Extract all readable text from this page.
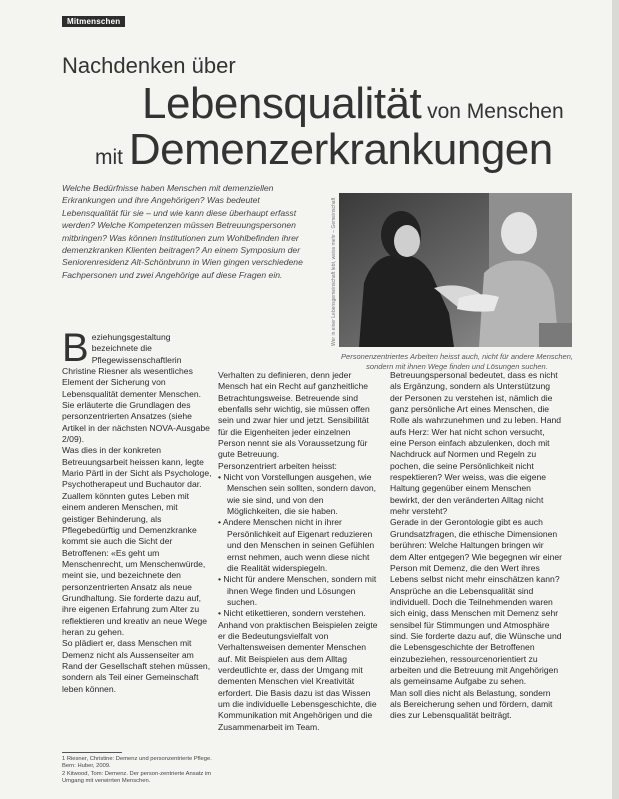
Mitmenschen
Nachdenken über
Lebensqualität von Menschen
mit Demenzerkrankungen
Welche Bedürfnisse haben Menschen mit demenziellen Erkrankungen und ihre Angehörigen? Was bedeutet Lebensqualität für sie – und wie kann diese überhaupt erfasst werden? Welche Kompetenzen müssen Betreuungspersonen mitbringen? Was können Institutionen zum Wohlbefinden ihrer demenzkranken Klienten beitragen? An einem Symposium der Seniorenresidenz Alt-Schönbrunn in Wien gingen verschiedene Fachpersonen und zwei Angehörige auf diese Fragen ein.	Wer in einer Lebensgemeinschaft lebt, weiss mehr – Gemeinschaft
Personenzentriertes Arbeiten heisst auch, nicht für andere Menschen, sondern mit ihnen Wege finden und Lösungen suchen.

Beziehungsgestaltung bezeichnete die Pflegewissenschaftlerin Christine Riesner als wesentliches Element der Sicherung von Lebensqualität dementer Menschen. Sie erläuterte die Grundlagen des personzentrierten Ansatzes (siehe Artikel in der nächsten NOVA-Ausgabe 2/09).

Was dies in der konkreten Betreuungsarbeit heissen kann, legte Mario Pärtl in der Sicht als Psychologe, Psychotherapeut und Buchautor dar. Zuallem könnten gutes Leben mit einem anderen Menschen, mit geistiger Behinderung, als Pflegebedürftig und Demenzkranke kommt sie auch die Sicht der Betroffenen: «Es geht um Menschenrecht, um Menschenwürde, meint sie, und bezeichnete den personzentrierten Ansatz als neue Grundhaltung. Sie forderte dazu auf, ihre eigenen Erfahrung zum Alter zu reflektieren und kreativ an neue Wege heran zu gehen.

So plädiert er, dass Menschen mit Demenz nicht als Aussenseiter am Rand der Gesellschaft stehen müssen, sondern als Teil einer Gemeinschaft leben können.

Verhalten zu definieren, denn jeder Mensch hat ein Recht auf ganzheitliche Betrachtungsweise. Betreuende sind ebenfalls sehr wichtig, sie müssen offen sein und zwar hier und jetzt. Sensibilität für die Eigenheiten jeder einzelnen Person nennt sie als Voraussetzung für gute Betreuung.

Personzentriert arbeiten heisst:

• Nicht von Vorstellungen ausgehen, wie Menschen sein sollten, sondern davon, wie sie sind, und von den Möglichkeiten, die sie haben.

• Andere Menschen nicht in ihrer Persönlichkeit auf Eigenart reduzieren und den Menschen in seinen Gefühlen ernst nehmen, auch wenn diese nicht die Realität widerspiegeln.

• Nicht für andere Menschen, sondern mit ihnen Wege finden und Lösungen suchen.

• Nicht etikettieren, sondern verstehen.

Anhand von praktischen Beispielen zeigte er die Bedeutungsvielfalt von Verhaltensweisen dementer Menschen auf. Mit Beispielen aus dem Alltag verdeutlichte er, dass der Umgang mit dementen Menschen viel Kreativität erfordert. Die Basis dazu ist das Wissen um die individuelle Lebensgeschichte, die Kommunikation mit Angehörigen und die Zusammenarbeit im Team.

Betreuungspersonal bedeutet, dass es nicht als Ergänzung, sondern als Unterstützung der Personen zu verstehen ist, nämlich die ganz persönliche Art eines Menschen, die Rolle als wahrzunehmen und zu leben. Hand aufs Herz: Wer hat nicht schon versucht, eine Person einfach abzulenken, doch mit Nachdruck auf Normen und Regeln zu pochen, die seine Persönlichkeit nicht respektieren? Wer weiss, was die eigene Haltung gegenüber einem Menschen bewirkt, der den veränderten Alltag nicht mehr versteht?

Gerade in der Gerontologie gibt es auch Grundsatzfragen, die ethische Dimensionen berühren: Welche Haltungen bringen wir dem Alter entgegen? Wie begegnen wir einer Person mit Demenz, die den Wert ihres Lebens selbst nicht mehr einschätzen kann?

Ansprüche an die Lebensqualität sind individuell. Doch die Teilnehmenden waren sich einig, dass Menschen mit Demenz sehr sensibel für Stimmungen und Atmosphäre sind. Sie forderte dazu auf, die Wünsche und die Lebensgeschichte der Betroffenen einzubeziehen, ressourcenorientiert zu arbeiten und die Betreuung mit Angehörigen als gemeinsame Aufgabe zu sehen.

Man soll dies nicht als Belastung, sondern als Bereicherung sehen und fördern, damit dies zur Lebensqualität beiträgt.

1 Riesner, Christine: Demenz und personzentrierte Pflege. Bern: Huber, 2009.
2 Kitwood, Tom: Demenz. Der person-zentrierte Ansatz im Umgang mit verwirrten Menschen.
